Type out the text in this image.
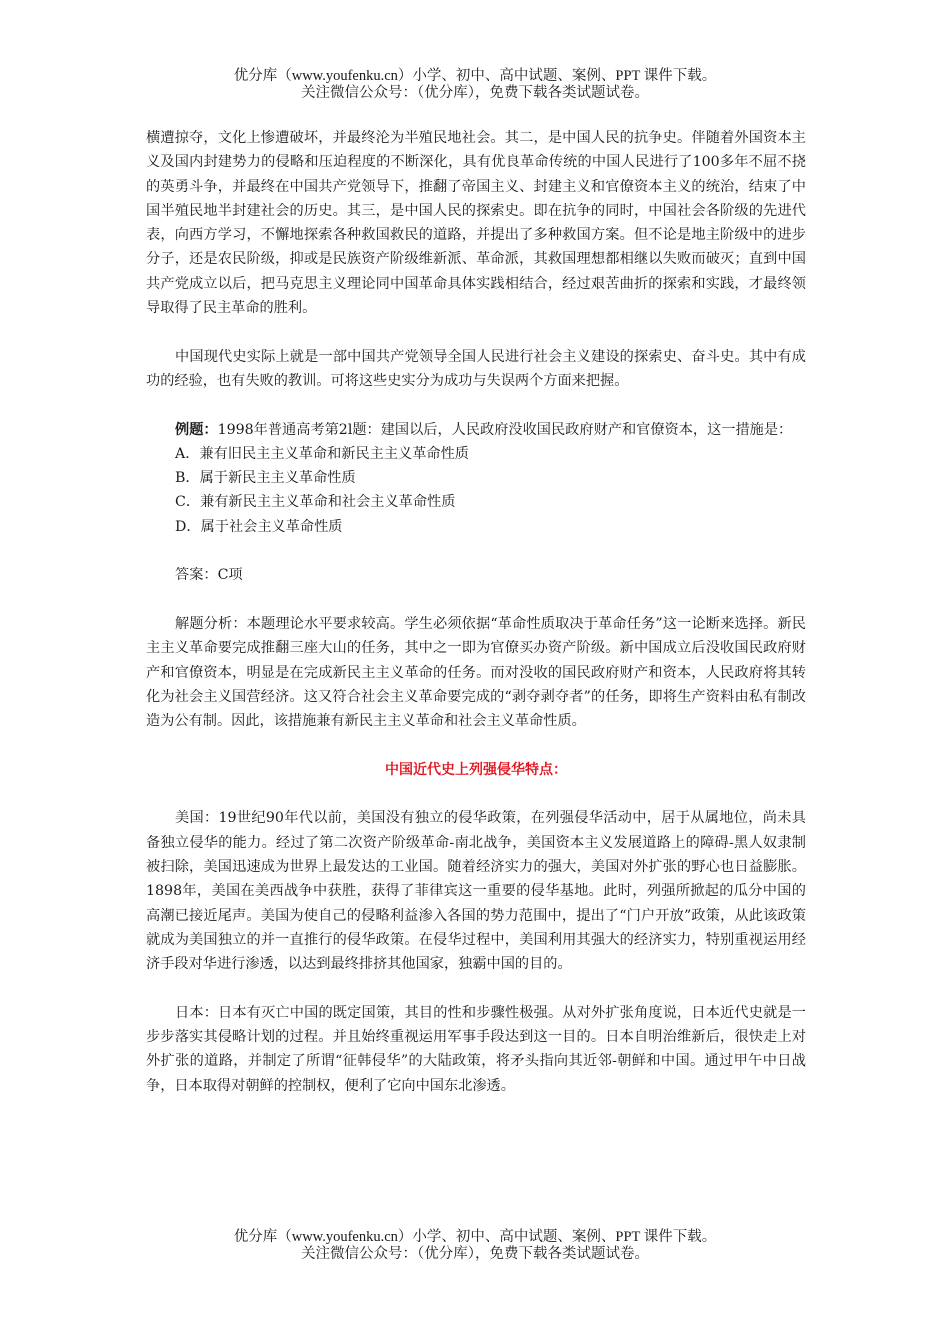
优分库（www.youfenku.cn）小学、初中、高中试题、案例、PPT 课件下载。
关注微信公众号：（优分库），免费下载各类试题试卷。

横遭掠夺，文化上惨遭破坏，并最终沦为半殖民地社会。其二，是中国人民的抗争史。伴随着外国资本主义及国内封建势力的侵略和压迫程度的不断深化，具有优良革命传统的中国人民进行了100多年不屈不挠的英勇斗争，并最终在中国共产党领导下，推翻了帝国主义、封建主义和官僚资本主义的统治，结束了中国半殖民地半封建社会的历史。其三，是中国人民的探索史。即在抗争的同时，中国社会各阶级的先进代表，向西方学习，不懈地探索各种救国救民的道路，并提出了多种救国方案。但不论是地主阶级中的进步分子，还是农民阶级，抑或是民族资产阶级维新派、革命派，其救国理想都相继以失败而破灭；直到中国共产党成立以后，把马克思主义理论同中国革命具体实践相结合，经过艰苦曲折的探索和实践，才最终领导取得了民主革命的胜利。

中国现代史实际上就是一部中国共产党领导全国人民进行社会主义建设的探索史、奋斗史。其中有成功的经验，也有失败的教训。可将这些史实分为成功与失误两个方面来把握。

例题：1998年普通高考第2l题：建国以后，人民政府没收国民政府财产和官僚资本，这一措施是：

A．兼有旧民主主义革命和新民主主义革命性质

B．属于新民主主义革命性质

C．兼有新民主主义革命和社会主义革命性质

D．属于社会主义革命性质

答案：C项

解题分析：本题理论水平要求较高。学生必须依据“革命性质取决于革命任务”这一论断来选择。新民主主义革命要完成推翻三座大山的任务，其中之一即为官僚买办资产阶级。新中国成立后没收国民政府财产和官僚资本，明显是在完成新民主主义革命的任务。而对没收的国民政府财产和资本，人民政府将其转化为社会主义国营经济。这又符合社会主义革命要完成的“剥夺剥夺者”的任务，即将生产资料由私有制改造为公有制。因此，该措施兼有新民主主义革命和社会主义革命性质。

中国近代史上列强侵华特点：

美国：19世纪90年代以前，美国没有独立的侵华政策，在列强侵华活动中，居于从属地位，尚未具备独立侵华的能力。经过了第二次资产阶级革命-南北战争，美国资本主义发展道路上的障碍-黑人奴隶制被扫除，美国迅速成为世界上最发达的工业国。随着经济实力的强大，美国对外扩张的野心也日益膨胀。1898年，美国在美西战争中获胜，获得了菲律宾这一重要的侵华基地。此时，列强所掀起的瓜分中国的高潮已接近尾声。美国为使自己的侵略利益渗入各国的势力范围中，提出了“门户开放”政策，从此该政策就成为美国独立的并一直推行的侵华政策。在侵华过程中，美国利用其强大的经济实力，特别重视运用经济手段对华进行渗透，以达到最终排挤其他国家，独霸中国的目的。

日本：日本有灭亡中国的既定国策，其目的性和步骤性极强。从对外扩张角度说，日本近代史就是一步步落实其侵略计划的过程。并且始终重视运用军事手段达到这一目的。日本自明治维新后，很快走上对外扩张的道路，并制定了所谓“征韩侵华”的大陆政策，将矛头指向其近邻-朝鲜和中国。通过甲午中日战争，日本取得对朝鲜的控制权，便利了它向中国东北渗透。

优分库（www.youfenku.cn）小学、初中、高中试题、案例、PPT 课件下载。
关注微信公众号：（优分库），免费下载各类试题试卷。
